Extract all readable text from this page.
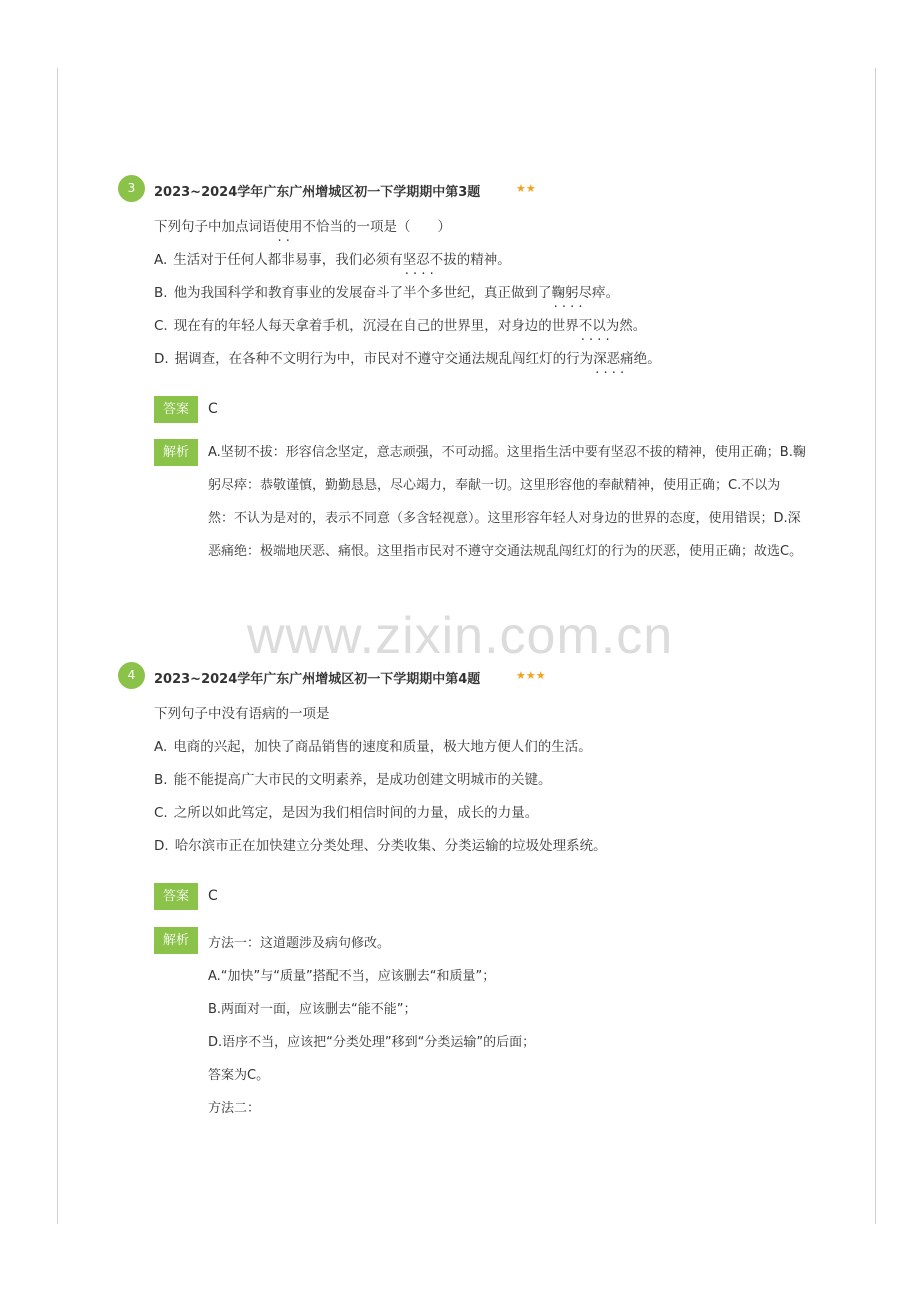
3	2023~2024学年广东广州增城区初一下学期期中第3题	★★
下列句子中加点词语使用 · ·不恰当的一项是（　　）
A. 生活对于任何人都非易事，我们必须有坚忍不拔 · ·的精神。
B. 他为我国科学和教育事业的发展奋斗了半个多世纪，真正做到了鞠躬尽瘁 · ·。
C. 现在有的年轻人每天拿着手机，沉浸在自己的世界里，对身边的世界不以为然 · ·。
D. 据调查，在各种不文明行为中，市民对不遵守交通法规乱闯红灯的行为深恶痛绝 · ·。
答案	C
解析	A.坚韧不拔：形容信念坚定，意志顽强，不可动摇。这里指生活中要有坚忍不拔的精神，使用正确；B.鞠躬尽瘁：恭敬谨慎，勤勤恳恳，尽心竭力，奉献一切。这里形容他的奉献精神，使用正确；C.不以为然：不认为是对的，表示不同意（多含轻视意）。这里形容年轻人对身边的世界的态度，使用错误；D.深恶痛绝：极端地厌恶、痛恨。这里指市民对不遵守交通法规乱闯红灯的行为的厌恶，使用正确；故选C。
www.zixin.com.cn
4	2023~2024学年广东广州增城区初一下学期期中第4题	★★★
下列句子中没有语病的一项是
A. 电商的兴起，加快了商品销售的速度和质量，极大地方便人们的生活。
B. 能不能提高广大市民的文明素养，是成功创建文明城市的关键。
C. 之所以如此笃定，是因为我们相信时间的力量，成长的力量。
D. 哈尔滨市正在加快建立分类处理、分类收集、分类运输的垃圾处理系统。
答案	C
解析	方法一：这道题涉及病句修改。
A.“加快”与“质量”搭配不当，应该删去“和质量”；
B.两面对一面，应该删去“能不能”；
D.语序不当，应该把“分类处理”移到“分类运输”的后面；
答案为C。
方法二：
